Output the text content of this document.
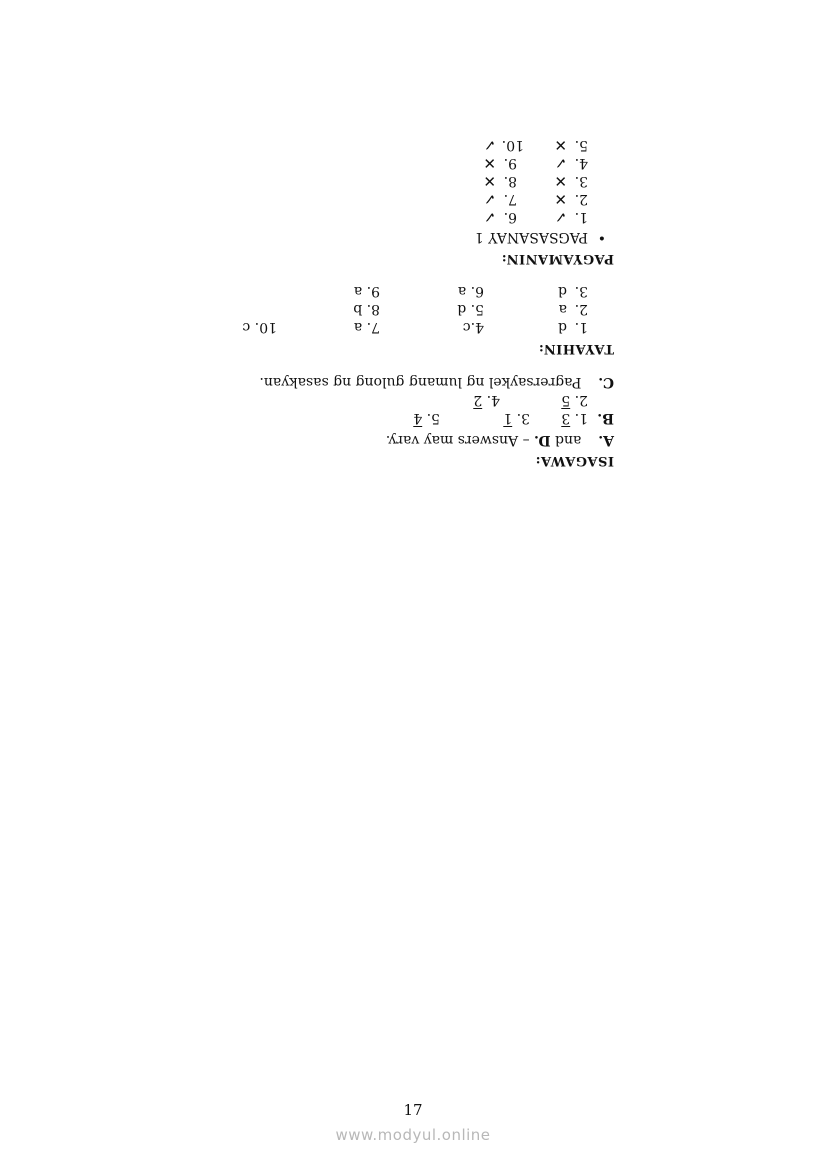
ISAGAWA:
A.  and D. – Answers may vary.
B.
1. 3
3. 1
5. 4
2. 5
4. 2
C.  Pagrersaykel ng lumang gulong ng sasakyan.
TAYAHIN:
1.
d
4.c
7. a
10. c
2.
a
5. d
8. b
3.
d
6. a
9. a
PAGYAMANIN:
•
PAGSASANAY 1
1.
✓
6.
✓
2.
✕
7.
✓
3.
✕
8.
✕
4.
✓
9.
✕
5.
✕
10.
✓
17
www.modyul.online
